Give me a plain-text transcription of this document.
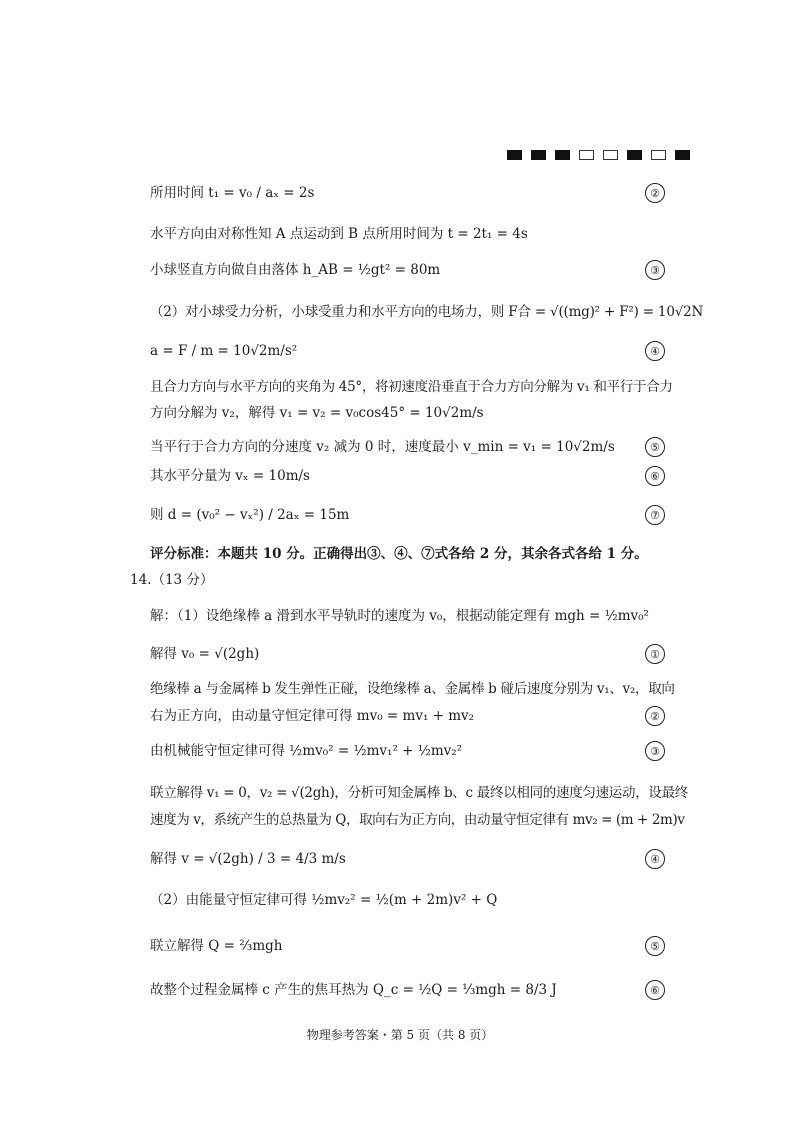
所用时间 t₁ = v₀ / aₓ = 2s	②
水平方向由对称性知 A 点运动到 B 点所用时间为 t = 2t₁ = 4s
小球竖直方向做自由落体 h_AB = ½gt² = 80m	③
（2）对小球受力分析，小球受重力和水平方向的电场力，则 F合 = √((mg)² + F²) = 10√2N
a = F / m = 10√2m/s²	④
且合力方向与水平方向的夹角为 45°，将初速度沿垂直于合力方向分解为 v₁ 和平行于合力
方向分解为 v₂，解得 v₁ = v₂ = v₀cos45° = 10√2m/s
当平行于合力方向的分速度 v₂ 减为 0 时，速度最小 v_min = v₁ = 10√2m/s	⑤
其水平分量为 vₓ = 10m/s	⑥
则 d = (v₀² − vₓ²) / 2aₓ = 15m	⑦
评分标准：本题共 10 分。正确得出③、④、⑦式各给 2 分，其余各式各给 1 分。
14.（13 分）
解：（1）设绝缘棒 a 滑到水平导轨时的速度为 v₀，根据动能定理有 mgh = ½mv₀²
解得 v₀ = √(2gh)	①
绝缘棒 a 与金属棒 b 发生弹性正碰，设绝缘棒 a、金属棒 b 碰后速度分别为 v₁、v₂，取向
右为正方向，由动量守恒定律可得 mv₀ = mv₁ + mv₂	②
由机械能守恒定律可得 ½mv₀² = ½mv₁² + ½mv₂²	③
联立解得 v₁ = 0，v₂ = √(2gh)，分析可知金属棒 b、c 最终以相同的速度匀速运动，设最终
速度为 v，系统产生的总热量为 Q，取向右为正方向，由动量守恒定律有 mv₂ = (m + 2m)v
解得 v = √(2gh) / 3 = 4/3 m/s	④
（2）由能量守恒定律可得 ½mv₂² = ½(m + 2m)v² + Q
联立解得 Q = ⅔mgh	⑤
故整个过程金属棒 c 产生的焦耳热为 Q_c = ½Q = ⅓mgh = 8/3 J	⑥
物理参考答案・第 5 页（共 8 页）
